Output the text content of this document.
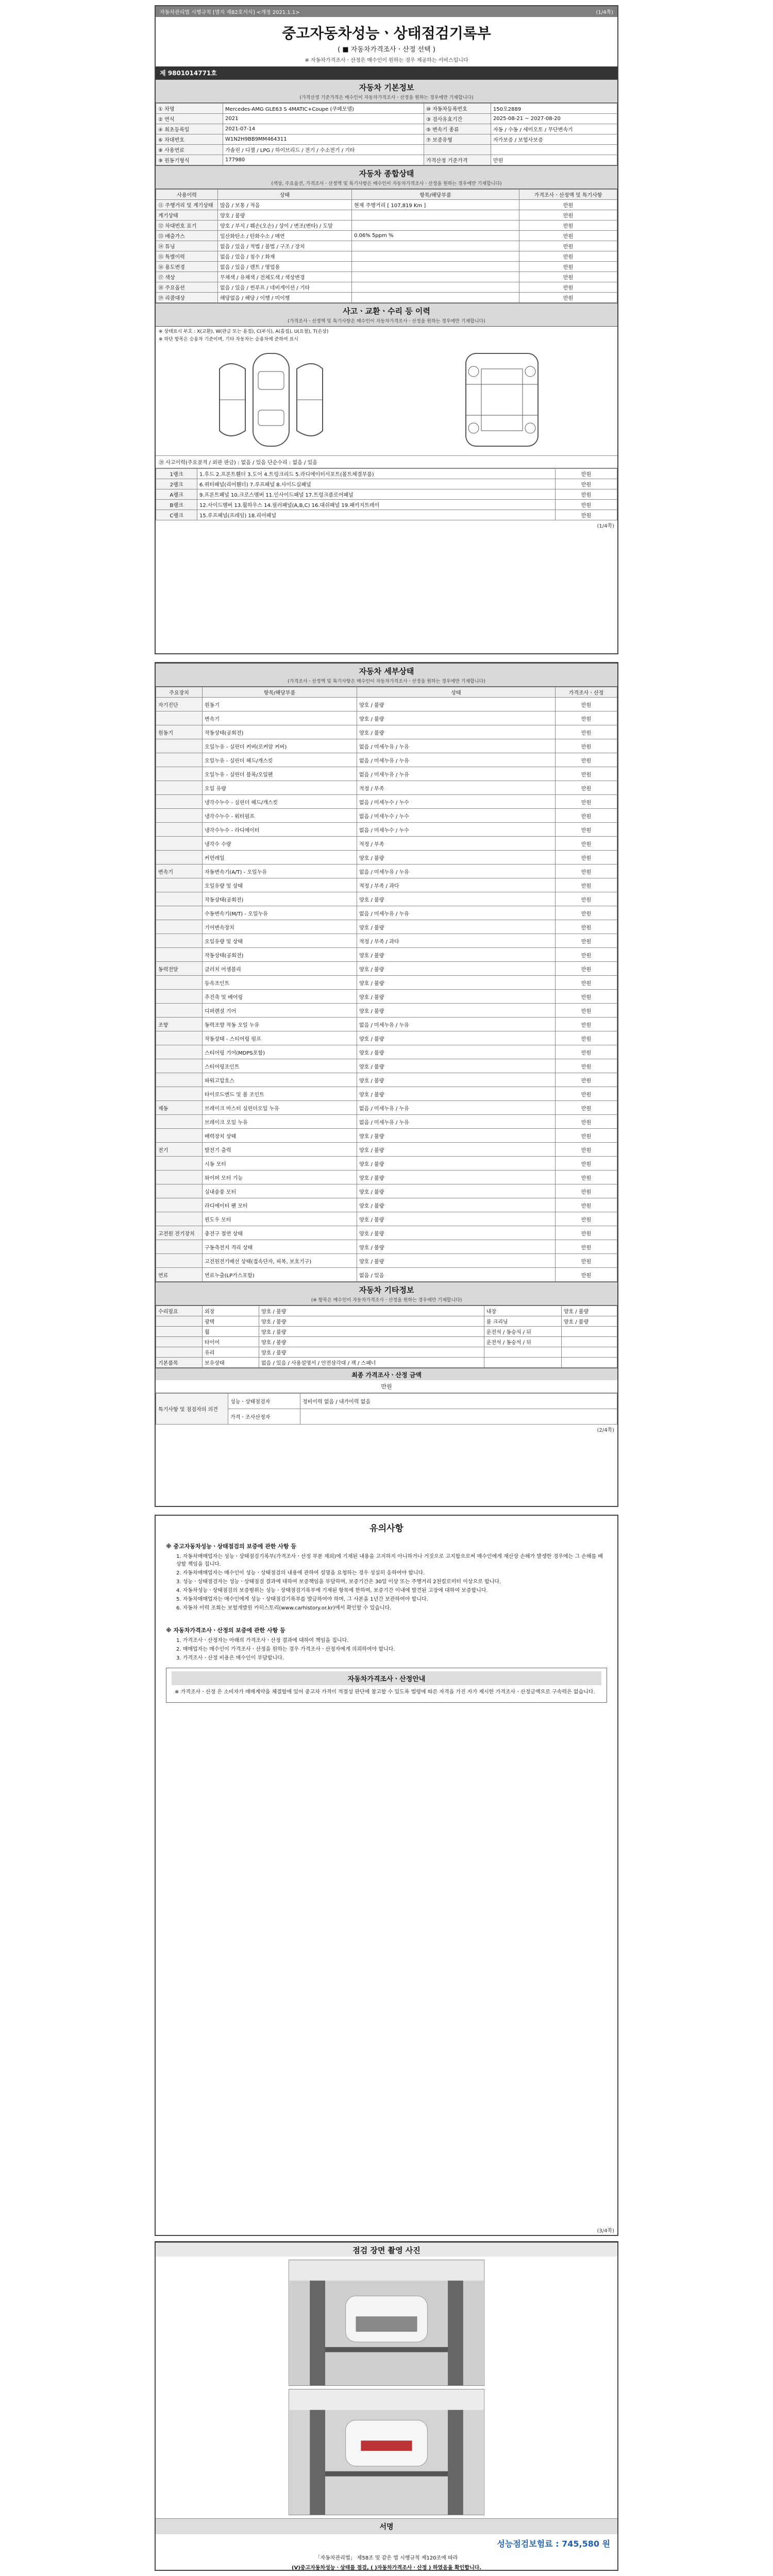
자동차관리법 시행규칙 [별지 제82호서식] <개정 2021.1.1>	(1/4쪽)
중고자동차성능ㆍ상태점검기록부
( ■ 자동차가격조사ㆍ산정 선택 )
※ 자동차가격조사ㆍ산정은 매수인이 원하는 경우 제공하는 서비스입니다
제 9801014771호
자동차 기본정보
(가격산정 기준가격은 매수인이 자동차가격조사ㆍ산정을 원하는 경우에만 기재합니다)
① 차명	Mercedes-AMG GLE63 S 4MATIC+Coupe (쿠페모델)	⑩ 자동차등록번호	150오2889
② 연식	2021	③ 검사유효기간	2025-08-21 ~ 2027-08-20
④ 최초등록일	2021-07-14	⑤ 변속기 종류	자동 / 수동 / 세미오토 / 무단변속기
⑥ 차대번호	W1N2H9BB9MM464311	⑦ 보증유형	자가보증 / 보험사보증
⑧ 사용연료	가솔린 / 디젤 / LPG / 하이브리드 / 전기 / 수소전기 / 기타		
⑨ 원동기형식	177980	가격산정 기준가격	만원
자동차 종합상태
(색상, 주요옵션, 가격조사ㆍ산정액 및 특기사항은 매수인이 자동차가격조사ㆍ산정을 원하는 경우에만 기재합니다)
사용이력	상태	항목/해당부품	가격조사ㆍ산정액 및 특기사항
⑪ 주행거리 및 계기상태	많음 / 보통 / 적음	현재 주행거리 [ 107,819 Km ]	만원
계기상태	양호 / 불량		만원
⑫ 차대번호 표기	양호 / 부식 / 훼손(오손) / 상이 / 변조(변타) / 도말		만원
⑬ 배출가스	일산화탄소 / 탄화수소 / 매연	0.06% 5ppm %	만원
⑭ 튜닝	없음 / 있음 / 적법 / 불법 / 구조 / 장치		만원
⑮ 특별이력	없음 / 있음 / 침수 / 화재		만원
⑯ 용도변경	없음 / 있음 / 렌트 / 영업용		만원
⑰ 색상	무채색 / 유채색 / 전체도색 / 색상변경		만원
⑱ 주요옵션	없음 / 있음 / 썬루프 / 네비게이션 / 기타		만원
⑲ 리콜대상	해당없음 / 해당 / 이행 / 미이행		만원
사고ㆍ교환ㆍ수리 등 이력
(가격조사ㆍ산정액 및 특기사항은 매수인이 자동차가격조사ㆍ산정을 원하는 경우에만 기재합니다)
※ 상태표시 부호 : X(교환), W(판금 또는 용접), C(부식), A(흠집), U(요철), T(손상)
※ 하단 항목은 승용차 기준이며, 기타 자동차는 승용차에 준하여 표시
⑳ 사고이력(주요골격 / 외판 판금) : 없음 / 있음 단순수리 : 없음 / 있음
1랭크	1.후드 2.프론트휀더 3.도어 4.트렁크리드 5.라디에이터서포트(볼트체결부품)	만원
2랭크	6.쿼터패널(리어휀더) 7.루프패널 8.사이드실패널	만원
A랭크	9.프론트패널 10.크로스멤버 11.인사이드패널 17.트렁크플로어패널	만원
B랭크	12.사이드멤버 13.휠하우스 14.필러패널(A,B,C) 16.대쉬패널 19.패키지트레이	만원
C랭크	15.루프패널(프레임) 18.리어패널	만원
(1/4쪽)
자동차 세부상태
(가격조사ㆍ산정액 및 특기사항은 매수인이 자동차가격조사ㆍ산정을 원하는 경우에만 기재합니다)
주요장치	항목/해당부품	상태	가격조사ㆍ산정
자기진단	원동기	양호 / 불량	만원
	변속기	양호 / 불량	만원
원동기	작동상태(공회전)	양호 / 불량	만원
	오일누유 - 실린더 커버(로커암 커버)	없음 / 미세누유 / 누유	만원
	오일누유 - 실린더 헤드/개스킷	없음 / 미세누유 / 누유	만원
	오일누유 - 실린더 블록/오일팬	없음 / 미세누유 / 누유	만원
	오일 유량	적정 / 부족	만원
	냉각수누수 - 실린더 헤드/개스킷	없음 / 미세누수 / 누수	만원
	냉각수누수 - 워터펌프	없음 / 미세누수 / 누수	만원
	냉각수누수 - 라디에이터	없음 / 미세누수 / 누수	만원
	냉각수 수량	적정 / 부족	만원
	커먼레일	양호 / 불량	만원
변속기	자동변속기(A/T) - 오일누유	없음 / 미세누유 / 누유	만원
	오일유량 및 상태	적정 / 부족 / 과다	만원
	작동상태(공회전)	양호 / 불량	만원
	수동변속기(M/T) - 오일누유	없음 / 미세누유 / 누유	만원
	기어변속장치	양호 / 불량	만원
	오일유량 및 상태	적정 / 부족 / 과다	만원
	작동상태(공회전)	양호 / 불량	만원
동력전달	클러치 어셈블리	양호 / 불량	만원
	등속조인트	양호 / 불량	만원
	추진축 및 베어링	양호 / 불량	만원
	디퍼렌셜 기어	양호 / 불량	만원
조향	동력조향 작동 오일 누유	없음 / 미세누유 / 누유	만원
	작동상태 - 스티어링 펌프	양호 / 불량	만원
	스티어링 기어(MDPS포함)	양호 / 불량	만원
	스티어링조인트	양호 / 불량	만원
	파워고압호스	양호 / 불량	만원
	타이로드엔드 및 볼 조인트	양호 / 불량	만원
제동	브레이크 마스터 실린더오일 누유	없음 / 미세누유 / 누유	만원
	브레이크 오일 누유	없음 / 미세누유 / 누유	만원
	배력장치 상태	양호 / 불량	만원
전기	발전기 출력	양호 / 불량	만원
	시동 모터	양호 / 불량	만원
	와이퍼 모터 기능	양호 / 불량	만원
	실내송풍 모터	양호 / 불량	만원
	라디에이터 팬 모터	양호 / 불량	만원
	윈도우 모터	양호 / 불량	만원
고전원 전기장치	충전구 절연 상태	양호 / 불량	만원
	구동축전지 격리 상태	양호 / 불량	만원
	고전원전기배선 상태(접속단자, 피복, 보호기구)	양호 / 불량	만원
연료	연료누출(LP가스포함)	없음 / 있음	만원
자동차 기타정보
(※ 항목은 매수인이 자동차가격조사ㆍ산정을 원하는 경우에만 기재합니다)
수리필요	외장	양호 / 불량	내장	양호 / 불량
	광택	양호 / 불량	룸 크리닝	양호 / 불량
	휠	양호 / 불량	운전석 / 동승석 / 뒤	
	타이어	양호 / 불량	운전석 / 동승석 / 뒤	
	유리	양호 / 불량		
기본품목	보유상태	없음 / 있음 / 사용설명서 / 안전삼각대 / 잭 / 스패너		
최종 가격조사ㆍ산정 금액
만원
특기사항 및 점검자의 의견	성능ㆍ상태점검자	정비이력 없음 / 내가이력 없음
	가격ㆍ조사산정자	
(2/4쪽)
유의사항
※ 중고자동차성능ㆍ상태점검의 보증에 관한 사항 등
1. 자동차매매업자는 성능ㆍ상태점검기록부(가격조사ㆍ산정 부분 제외)에 기재된 내용을 고지하지 아니하거나 거짓으로 고지함으로써 매수인에게 재산상 손해가 발생한 경우에는 그 손해를 배상할 책임을 집니다.
2. 자동차매매업자는 매수인이 성능ㆍ상태점검의 내용에 관하여 설명을 요청하는 경우 성실히 응하여야 합니다.
3. 성능ㆍ상태점검자는 성능ㆍ상태점검 결과에 대하여 보증책임을 부담하며, 보증기간은 30일 이상 또는 주행거리 2천킬로미터 이상으로 합니다.
4. 자동차성능ㆍ상태점검의 보증범위는 성능ㆍ상태점검기록부에 기재된 항목에 한하며, 보증기간 이내에 발견된 고장에 대하여 보증합니다.
5. 자동차매매업자는 매수인에게 성능ㆍ상태점검기록부를 발급하여야 하며, 그 사본을 1년간 보관하여야 합니다.
6. 자동차 이력 조회는 보험개발원 카히스토리(www.carhistory.or.kr)에서 확인할 수 있습니다.
※ 자동차가격조사ㆍ산정의 보증에 관한 사항 등
1. 가격조사ㆍ산정자는 아래의 가격조사ㆍ산정 결과에 대하여 책임을 집니다.
2. 매매업자는 매수인이 가격조사ㆍ산정을 원하는 경우 가격조사ㆍ산정자에게 의뢰하여야 합니다.
3. 가격조사ㆍ산정 비용은 매수인이 부담합니다.
자동차가격조사ㆍ산정안내
※ 가격조사ㆍ산정 은 소비자가 매매계약을 체결함에 있어 중고차 가격이 적절성 판단에 참고할 수 있도록 법령에 따른 자격을 가진 자가 제시한 가격조사ㆍ산정금액으로 구속력은 없습니다.
(3/4쪽)
점검 장면 촬영 사진
서명
성능점검보험료 : 745,580 원
「자동차관리법」 제58조 및 같은 법 시행규칙 제120조에 따라
(V)중고자동차성능ㆍ상태를 점검, ( )자동차가격조사ㆍ산정 ) 하였음을 확인합니다.
